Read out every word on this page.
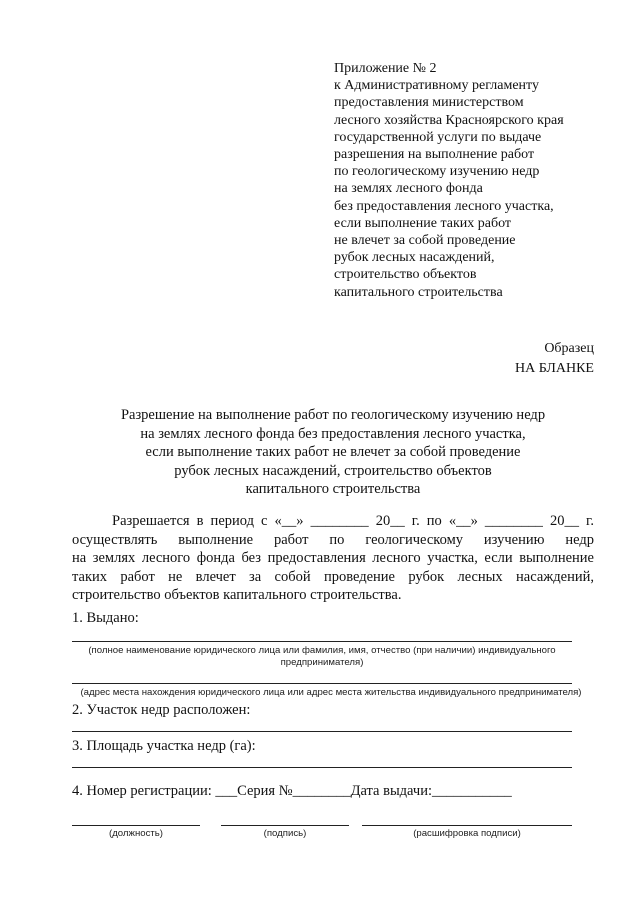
Приложение № 2
к Административному регламенту
предоставления министерством
лесного хозяйства Красноярского края
государственной услуги по выдаче
разрешения на выполнение работ
по геологическому изучению недр
на землях лесного фонда
без предоставления лесного участка,
если выполнение таких работ
не влечет за собой проведение
рубок лесных насаждений,
строительство объектов
капитального строительства
Образец
НА БЛАНКЕ
Разрешение на выполнение работ по геологическому изучению недр
на землях лесного фонда без предоставления лесного участка,
если выполнение таких работ не влечет за собой проведение
рубок лесных насаждений, строительство объектов
капитального строительства
Разрешается в период с «__» ________ 20__ г. по «__» ________ 20__ г.
осуществлять выполнение работ по геологическому изучению недр
на землях лесного фонда без предоставления лесного участка, если выполнение
таких работ не влечет за собой проведение рубок лесных насаждений,
строительство объектов капитального строительства.
1. Выдано:
(полное наименование юридического лица или фамилия, имя, отчество (при наличии) индивидуального
предпринимателя)
(адрес места нахождения юридического лица или адрес места жительства индивидуального предпринимателя)
2. Участок недр расположен:
3. Площадь участка недр (га):
4. Номер регистрации: ___Серия №________Дата выдачи:___________
(должность)	(подпись)	(расшифровка подписи)
